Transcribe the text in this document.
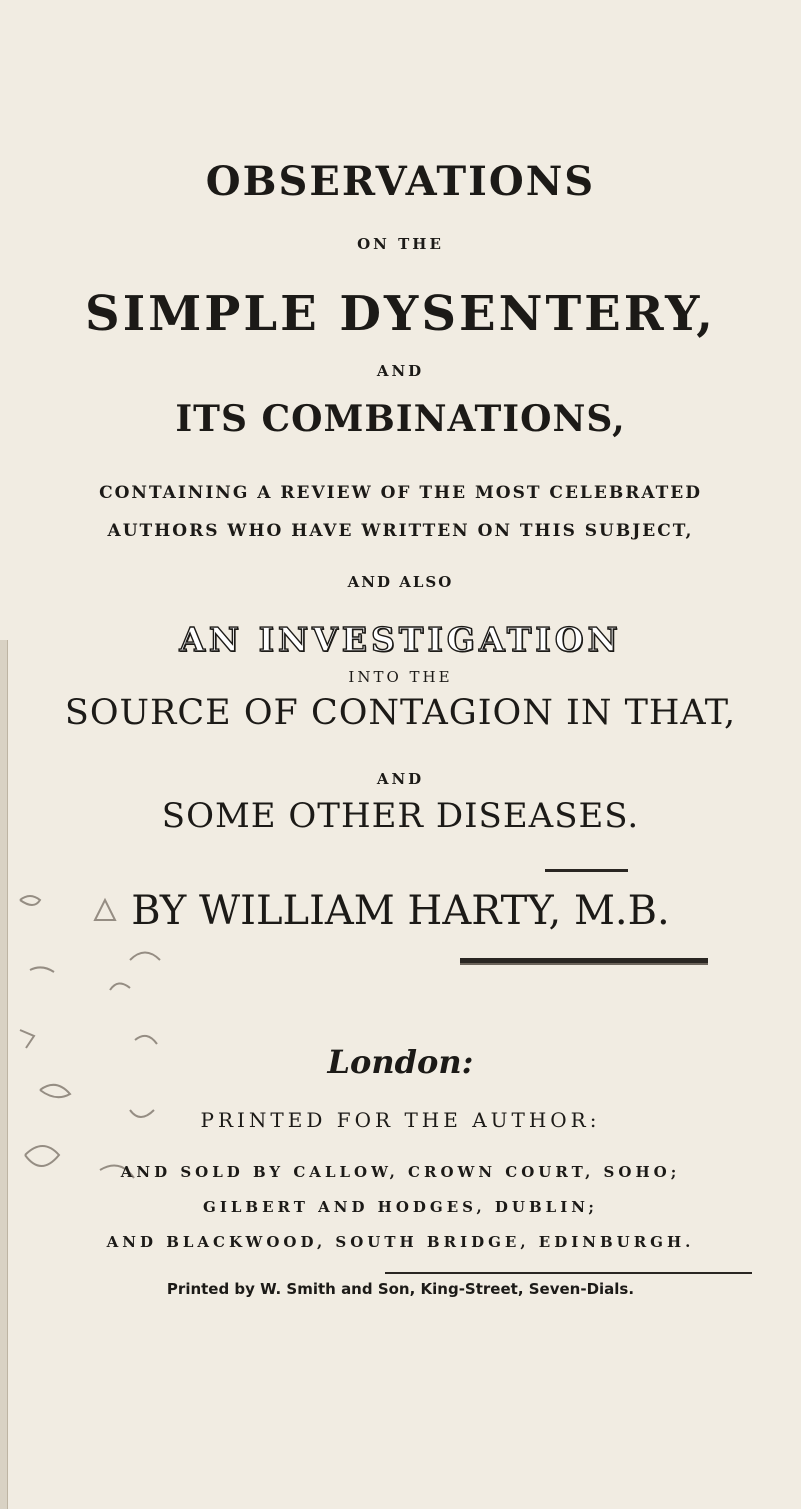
OBSERVATIONS
ON THE
SIMPLE DYSENTERY,
AND
ITS COMBINATIONS,
CONTAINING A REVIEW OF THE MOST CELEBRATED
AUTHORS WHO HAVE WRITTEN ON THIS SUBJECT,
AND ALSO
AN INVESTIGATION
INTO THE
SOURCE OF CONTAGION IN THAT,
AND
SOME OTHER DISEASES.
BY WILLIAM HARTY, M.B.
London:
PRINTED FOR THE AUTHOR:
AND SOLD BY CALLOW, CROWN COURT, SOHO;
GILBERT AND HODGES, DUBLIN;
AND BLACKWOOD, SOUTH BRIDGE, EDINBURGH.
Printed by W. Smith and Son, King-Street, Seven-Dials.
